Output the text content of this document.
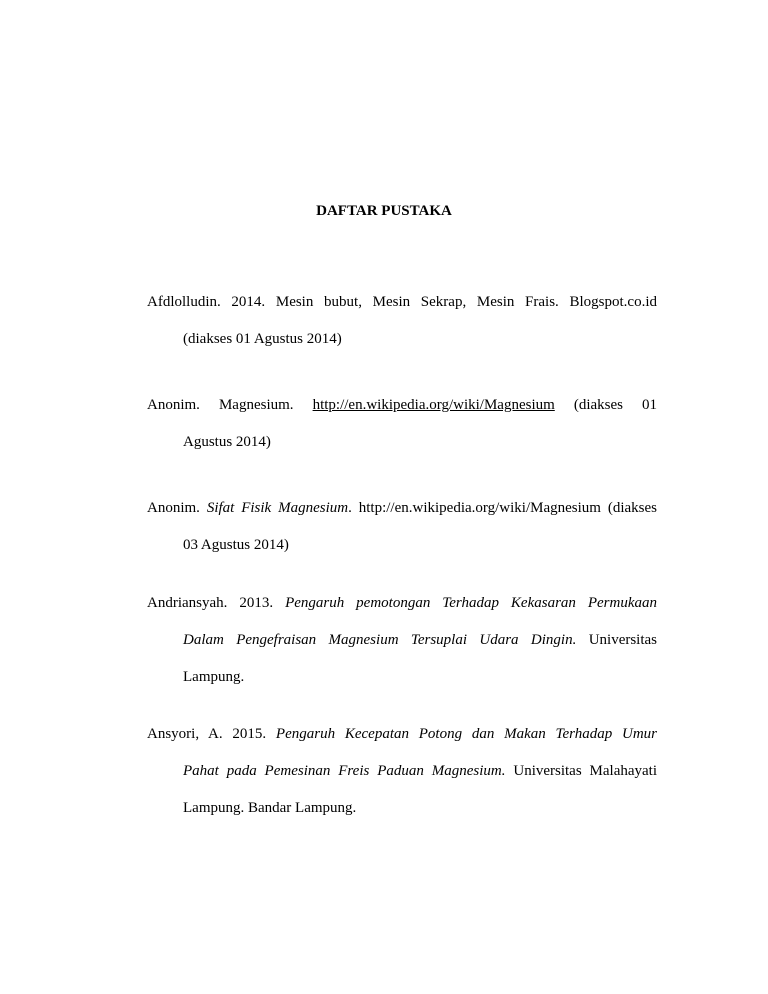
DAFTAR PUSTAKA
Afdlolludin. 2014. Mesin bubut, Mesin Sekrap, Mesin Frais. Blogspot.co.id
(diakses 01 Agustus 2014)
Anonim. Magnesium. http://en.wikipedia.org/wiki/Magnesium (diakses 01
Agustus 2014)
Anonim. Sifat Fisik Magnesium. http://en.wikipedia.org/wiki/Magnesium (diakses
03 Agustus 2014)
Andriansyah. 2013. Pengaruh pemotongan Terhadap Kekasaran Permukaan
Dalam Pengefraisan Magnesium Tersuplai Udara Dingin. Universitas
Lampung.
Ansyori, A. 2015. Pengaruh Kecepatan Potong dan Makan Terhadap Umur
Pahat pada Pemesinan Freis Paduan Magnesium. Universitas Malahayati
Lampung. Bandar Lampung.
